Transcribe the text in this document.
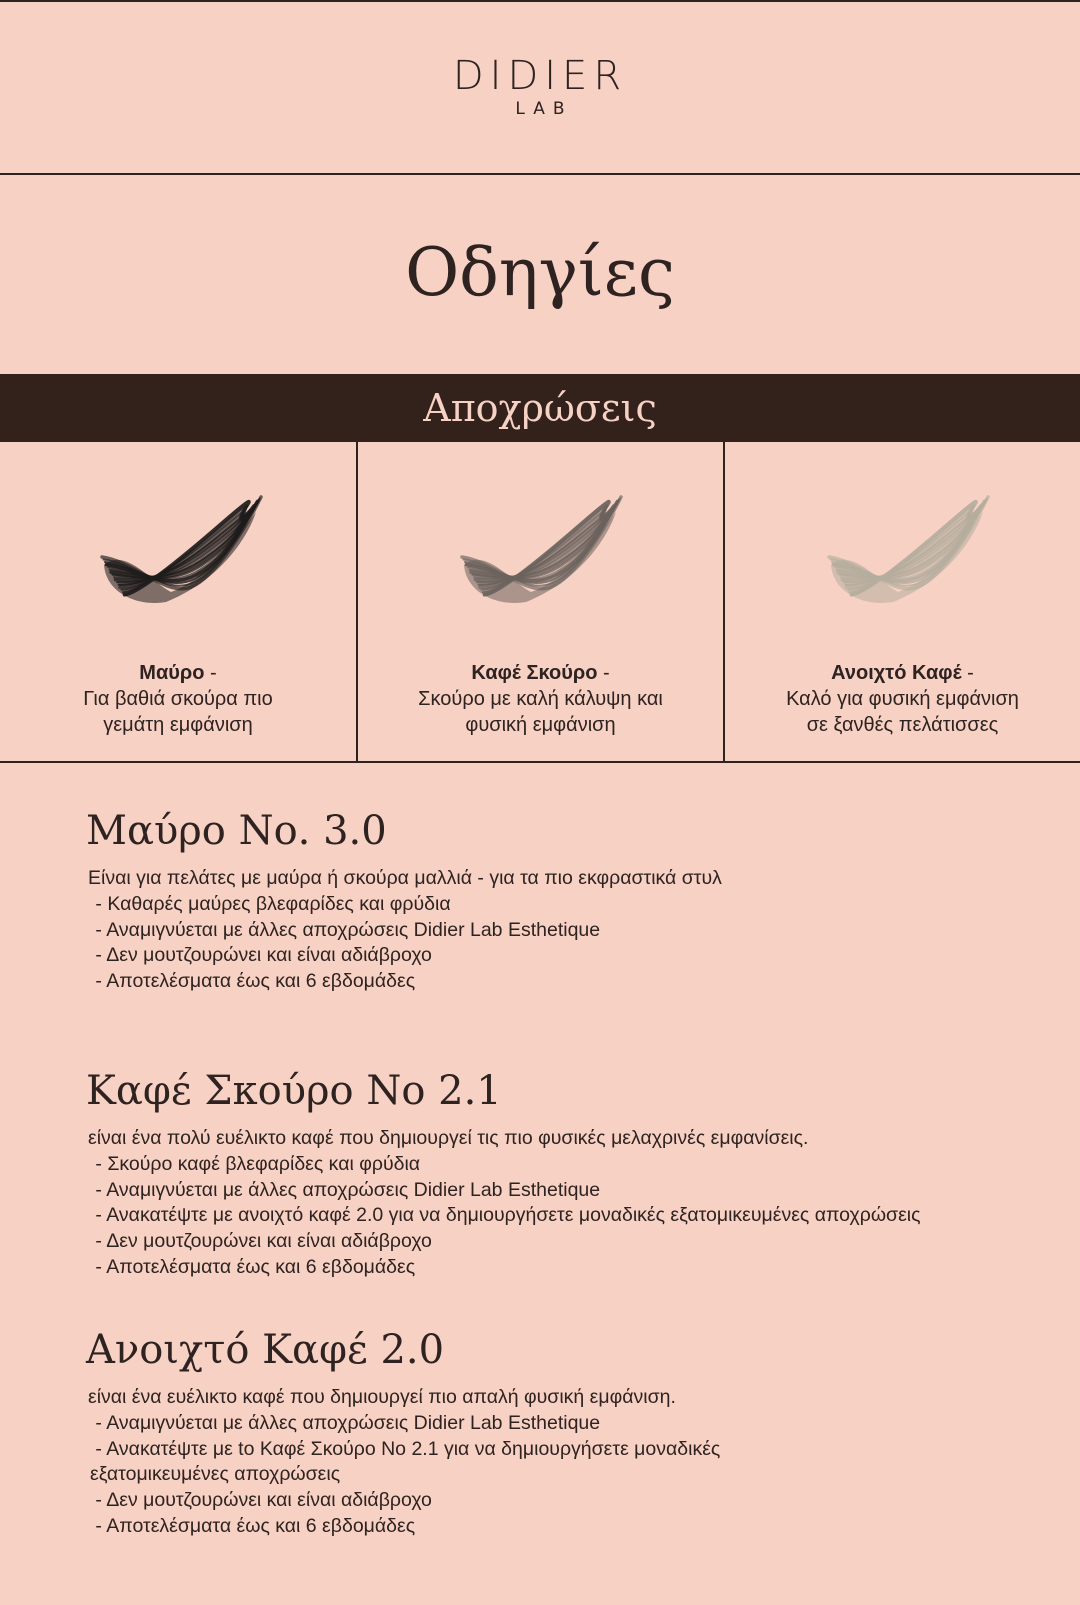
DIDIER
LAB
Οδηγίες
Αποχρώσεις
Μαύρο -
Για βαθιά σκούρα πιο
γεμάτη εμφάνιση
Καφέ Σκούρο -
Σκούρο με καλή κάλυψη και
φυσική εμφάνιση
Ανοιχτό Καφέ -
Καλό για φυσική εμφάνιση
σε ξανθές πελάτισσες
Μαύρο Νο. 3.0

Είναι για πελάτες με μαύρα ή σκούρα μαλλιά - για τα πιο εκφραστικά στυλ

- Καθαρές μαύρες βλεφαρίδες και φρύδια

- Αναμιγνύεται με άλλες αποχρώσεις Didier Lab Esthetique

- Δεν μουτζουρώνει και είναι αδιάβροχο

- Αποτελέσματα έως και 6 εβδομάδες

Καφέ Σκούρο Νο 2.1

είναι ένα πολύ ευέλικτο καφέ που δημιουργεί τις πιο φυσικές μελαχρινές εμφανίσεις.

- Σκούρο καφέ βλεφαρίδες και φρύδια

- Αναμιγνύεται με άλλες αποχρώσεις Didier Lab Esthetique

- Ανακατέψτε με ανοιχτό καφέ 2.0 για να δημιουργήσετε μοναδικές εξατομικευμένες αποχρώσεις

- Δεν μουτζουρώνει και είναι αδιάβροχο

- Αποτελέσματα έως και 6 εβδομάδες

Ανοιχτό Καφέ 2.0

είναι ένα ευέλικτο καφέ που δημιουργεί πιο απαλή φυσική εμφάνιση.

- Αναμιγνύεται με άλλες αποχρώσεις Didier Lab Esthetique

- Ανακατέψτε με to Καφέ Σκούρο Νο 2.1 για να δημιουργήσετε μοναδικές εξατομικευμένες αποχρώσεις

- Δεν μουτζουρώνει και είναι αδιάβροχο

- Αποτελέσματα έως και 6 εβδομάδες
